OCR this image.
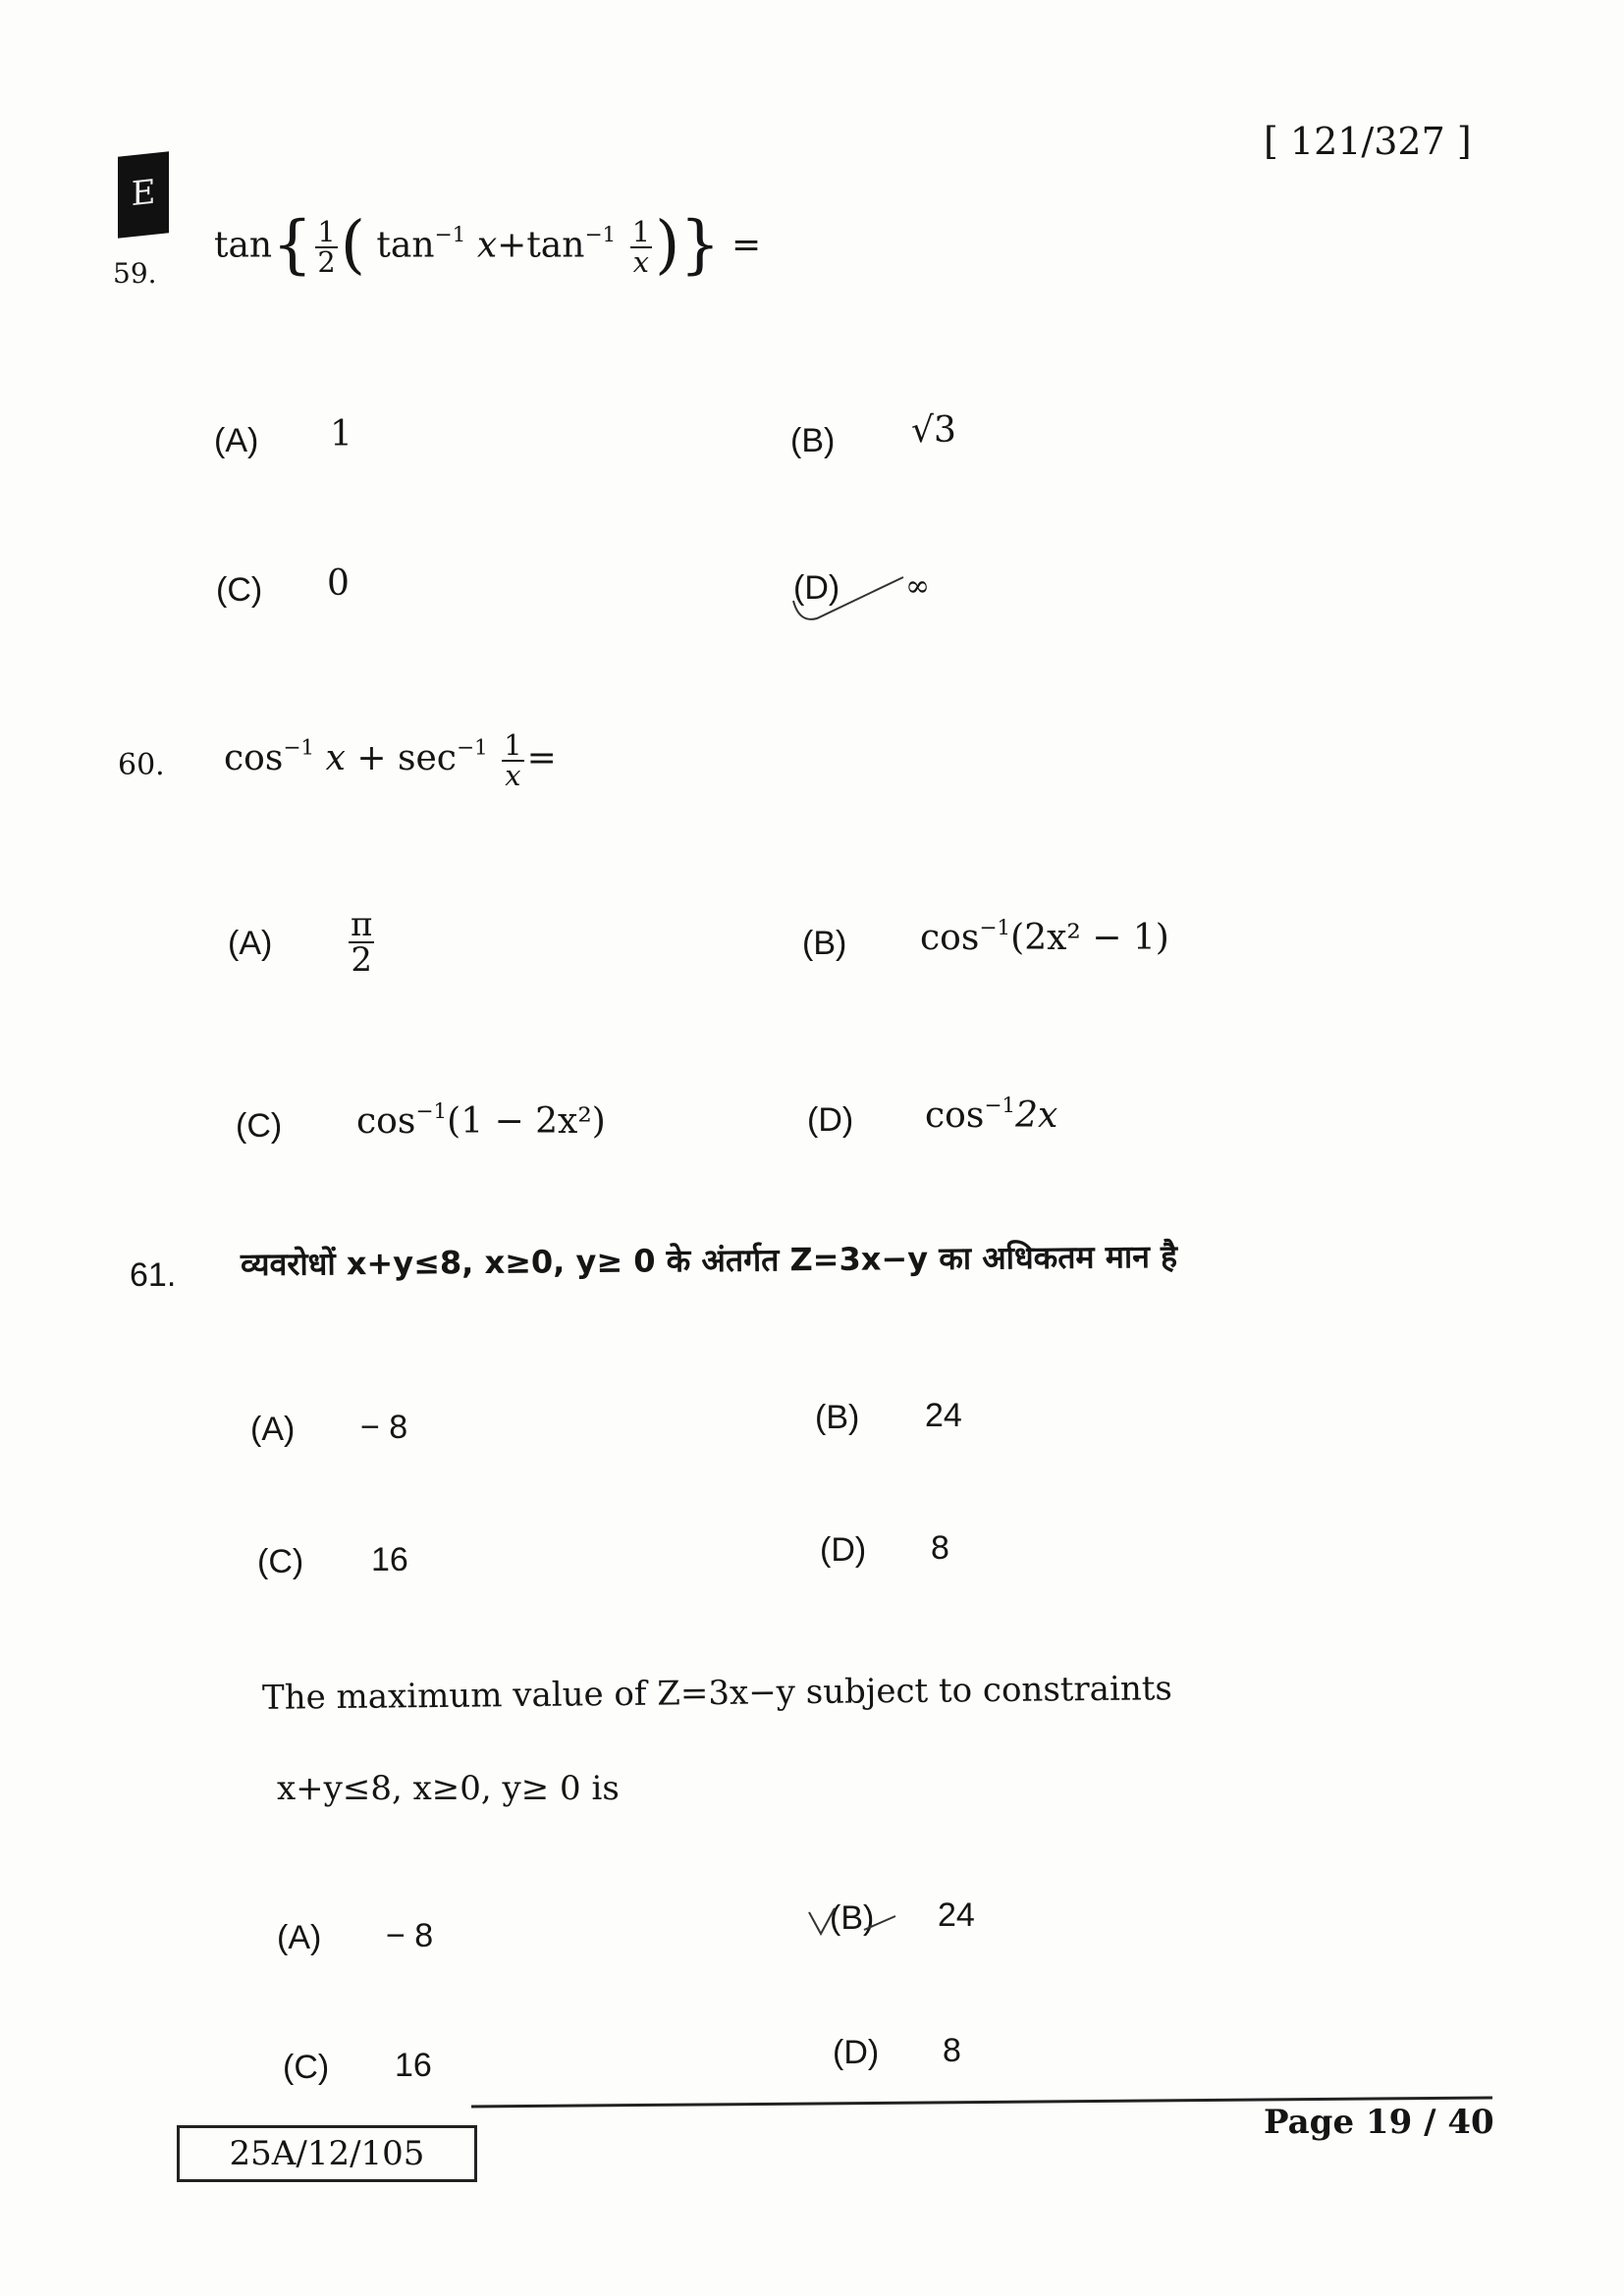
[ 121/327 ]
E
59.
$\tan\{ \frac{1}{2}$ ( $\tan^{-1} x+\tan^{-1} \frac{1}{x}$ )} =
(A) 1	(B) √3
(C) 0	(D) ∞
60. $\cos^{-1} x + \sec^{-1} \frac{1}{x}$ =
$(A) \frac{\pi}{2}$	(B) $\cos^{-1}(2x^2 - 1)$
(C) $\cos^{-1}(1 - 2x^2)$	(D) $\cos^{-1}2x$
61. व्यवरोधों x+y≤8, x≥0, y≥ 0 के अंतर्गत Z=3x−y का अधिकतम मान है
(A) − 8	(B) 24
(C) 16	(D) 8
The maximum value of Z=3x−y subject to constraints
x+y≤8, x≥0, y≥ 0 is
(A) − 8	(B) 24
(C) 16	(D) 8
25A/12/105
Page 19 / 40
